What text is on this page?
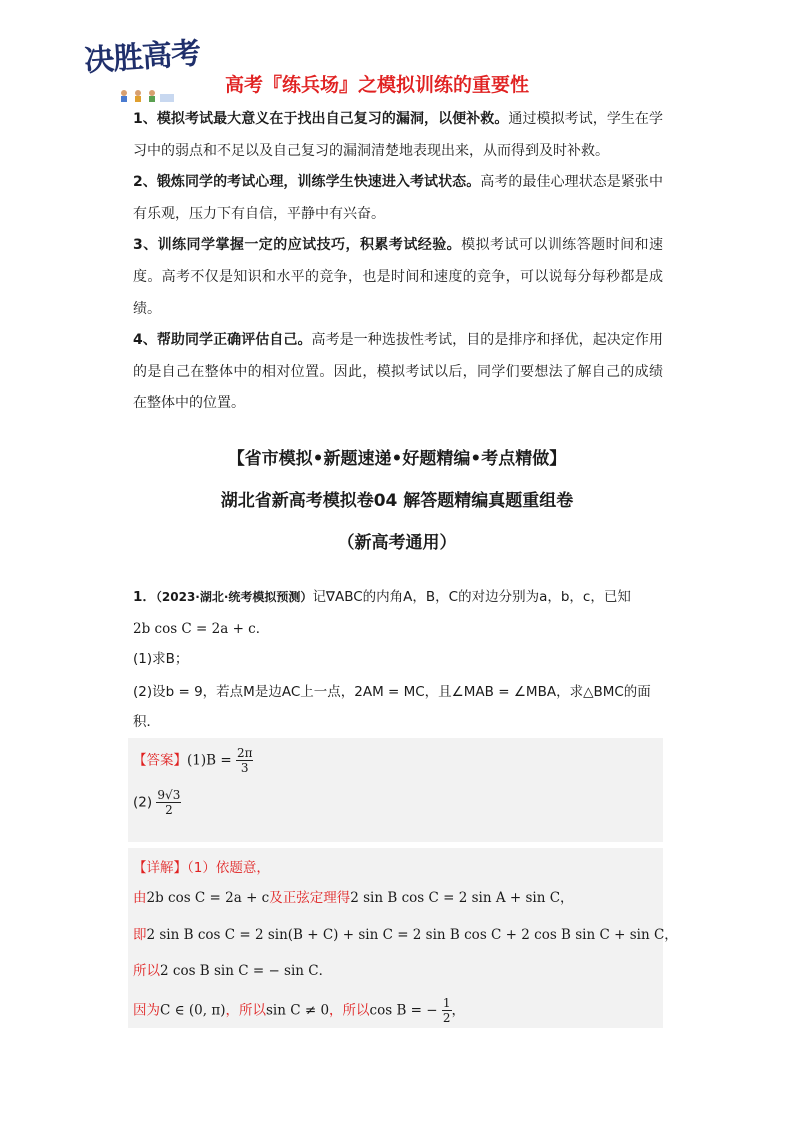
决胜高考
高考『练兵场』之模拟训练的重要性

1、模拟考试最大意义在于找出自己复习的漏洞，以便补救。通过模拟考试，学生在学习中的弱点和不足以及自己复习的漏洞清楚地表现出来，从而得到及时补救。

2、锻炼同学的考试心理，训练学生快速进入考试状态。高考的最佳心理状态是紧张中有乐观，压力下有自信，平静中有兴奋。

3、训练同学掌握一定的应试技巧，积累考试经验。模拟考试可以训练答题时间和速度。高考不仅是知识和水平的竞争，也是时间和速度的竞争，可以说每分每秒都是成绩。

4、帮助同学正确评估自己。高考是一种选拔性考试，目的是排序和择优，起决定作用的是自己在整体中的相对位置。因此，模拟考试以后，同学们要想法了解自己的成绩在整体中的位置。

【省市模拟•新题速递•好题精编•考点精做】
湖北省新高考模拟卷04 解答题精编真题重组卷
（新高考通用）
1．（2023·湖北·统考模拟预测）记∇ABC的内角A，B，C的对边分别为a，b，c，已知
2b cos C = 2a + c．
(1)求B；
(2)设b = 9，若点M是边AC上一点，2AM = MC，且∠MAB = ∠MBA，求△BMC的面
积．
【答案】$(1)B = \frac{2\pi}{3}$
$(2) \frac{9√3}{2}$
【详解】（1）依题意，
由2b cos C = 2a + c及正弦定理得2 sin B cos C = 2 sin A + sin C，
即2 sin B cos C = 2 sin(B + C) + sin C = 2 sin B cos C + 2 cos B sin C + sin C，
所以2 cos B sin C = − sin C．
因为C ∈ (0, π)，所以sin C ≠ 0，所以cos B = − $\frac{1}{2}$ ，
